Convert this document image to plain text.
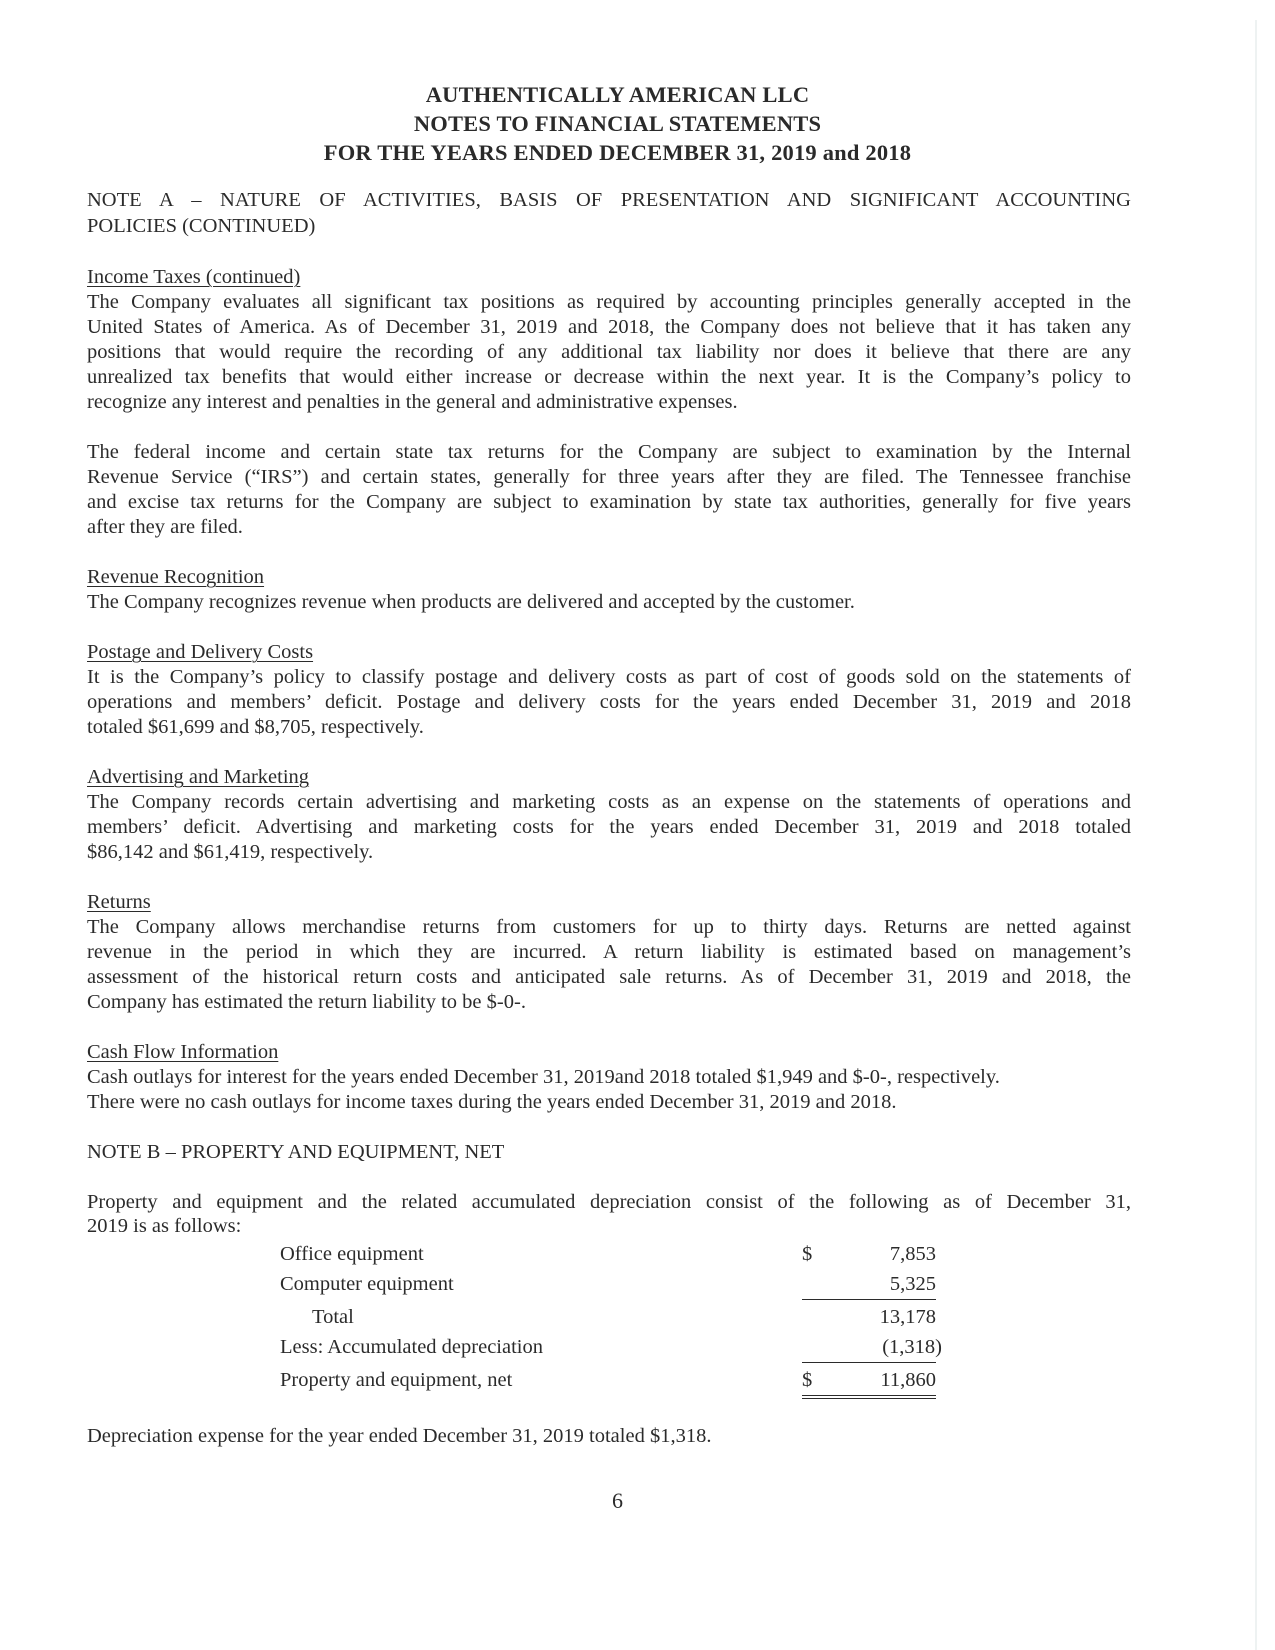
AUTHENTICALLY AMERICAN LLC
NOTES TO FINANCIAL STATEMENTS
FOR THE YEARS ENDED DECEMBER 31, 2019 and 2018
NOTE A – NATURE OF ACTIVITIES, BASIS OF PRESENTATION AND SIGNIFICANT ACCOUNTING
POLICIES (CONTINUED)
Income Taxes (continued)
The Company evaluates all significant tax positions as required by accounting principles generally accepted in the
United States of America. As of December 31, 2019 and 2018, the Company does not believe that it has taken any
positions that would require the recording of any additional tax liability nor does it believe that there are any
unrealized tax benefits that would either increase or decrease within the next year. It is the Company’s policy to
recognize any interest and penalties in the general and administrative expenses.
The federal income and certain state tax returns for the Company are subject to examination by the Internal
Revenue Service (“IRS”) and certain states, generally for three years after they are filed. The Tennessee franchise
and excise tax returns for the Company are subject to examination by state tax authorities, generally for five years
after they are filed.
Revenue Recognition
The Company recognizes revenue when products are delivered and accepted by the customer.
Postage and Delivery Costs
It is the Company’s policy to classify postage and delivery costs as part of cost of goods sold on the statements of
operations and members’ deficit. Postage and delivery costs for the years ended December 31, 2019 and 2018
totaled $61,699 and $8,705, respectively.
Advertising and Marketing
The Company records certain advertising and marketing costs as an expense on the statements of operations and
members’ deficit. Advertising and marketing costs for the years ended December 31, 2019 and 2018 totaled
$86,142 and $61,419, respectively.
Returns
The Company allows merchandise returns from customers for up to thirty days. Returns are netted against
revenue in the period in which they are incurred. A return liability is estimated based on management’s
assessment of the historical return costs and anticipated sale returns. As of December 31, 2019 and 2018, the
Company has estimated the return liability to be $-0-.
Cash Flow Information
Cash outlays for interest for the years ended December 31, 2019and 2018 totaled $1,949 and $-0-, respectively.
There were no cash outlays for income taxes during the years ended December 31, 2019 and 2018.
NOTE B – PROPERTY AND EQUIPMENT, NET
Property and equipment and the related accumulated depreciation consist of the following as of December 31,
2019 is as follows:
Office equipment	$	7,853
Computer equipment	5,325
Total	13,178
Less: Accumulated depreciation	(1,318)
Property and equipment, net	$	11,860
Depreciation expense for the year ended December 31, 2019 totaled $1,318.
6
